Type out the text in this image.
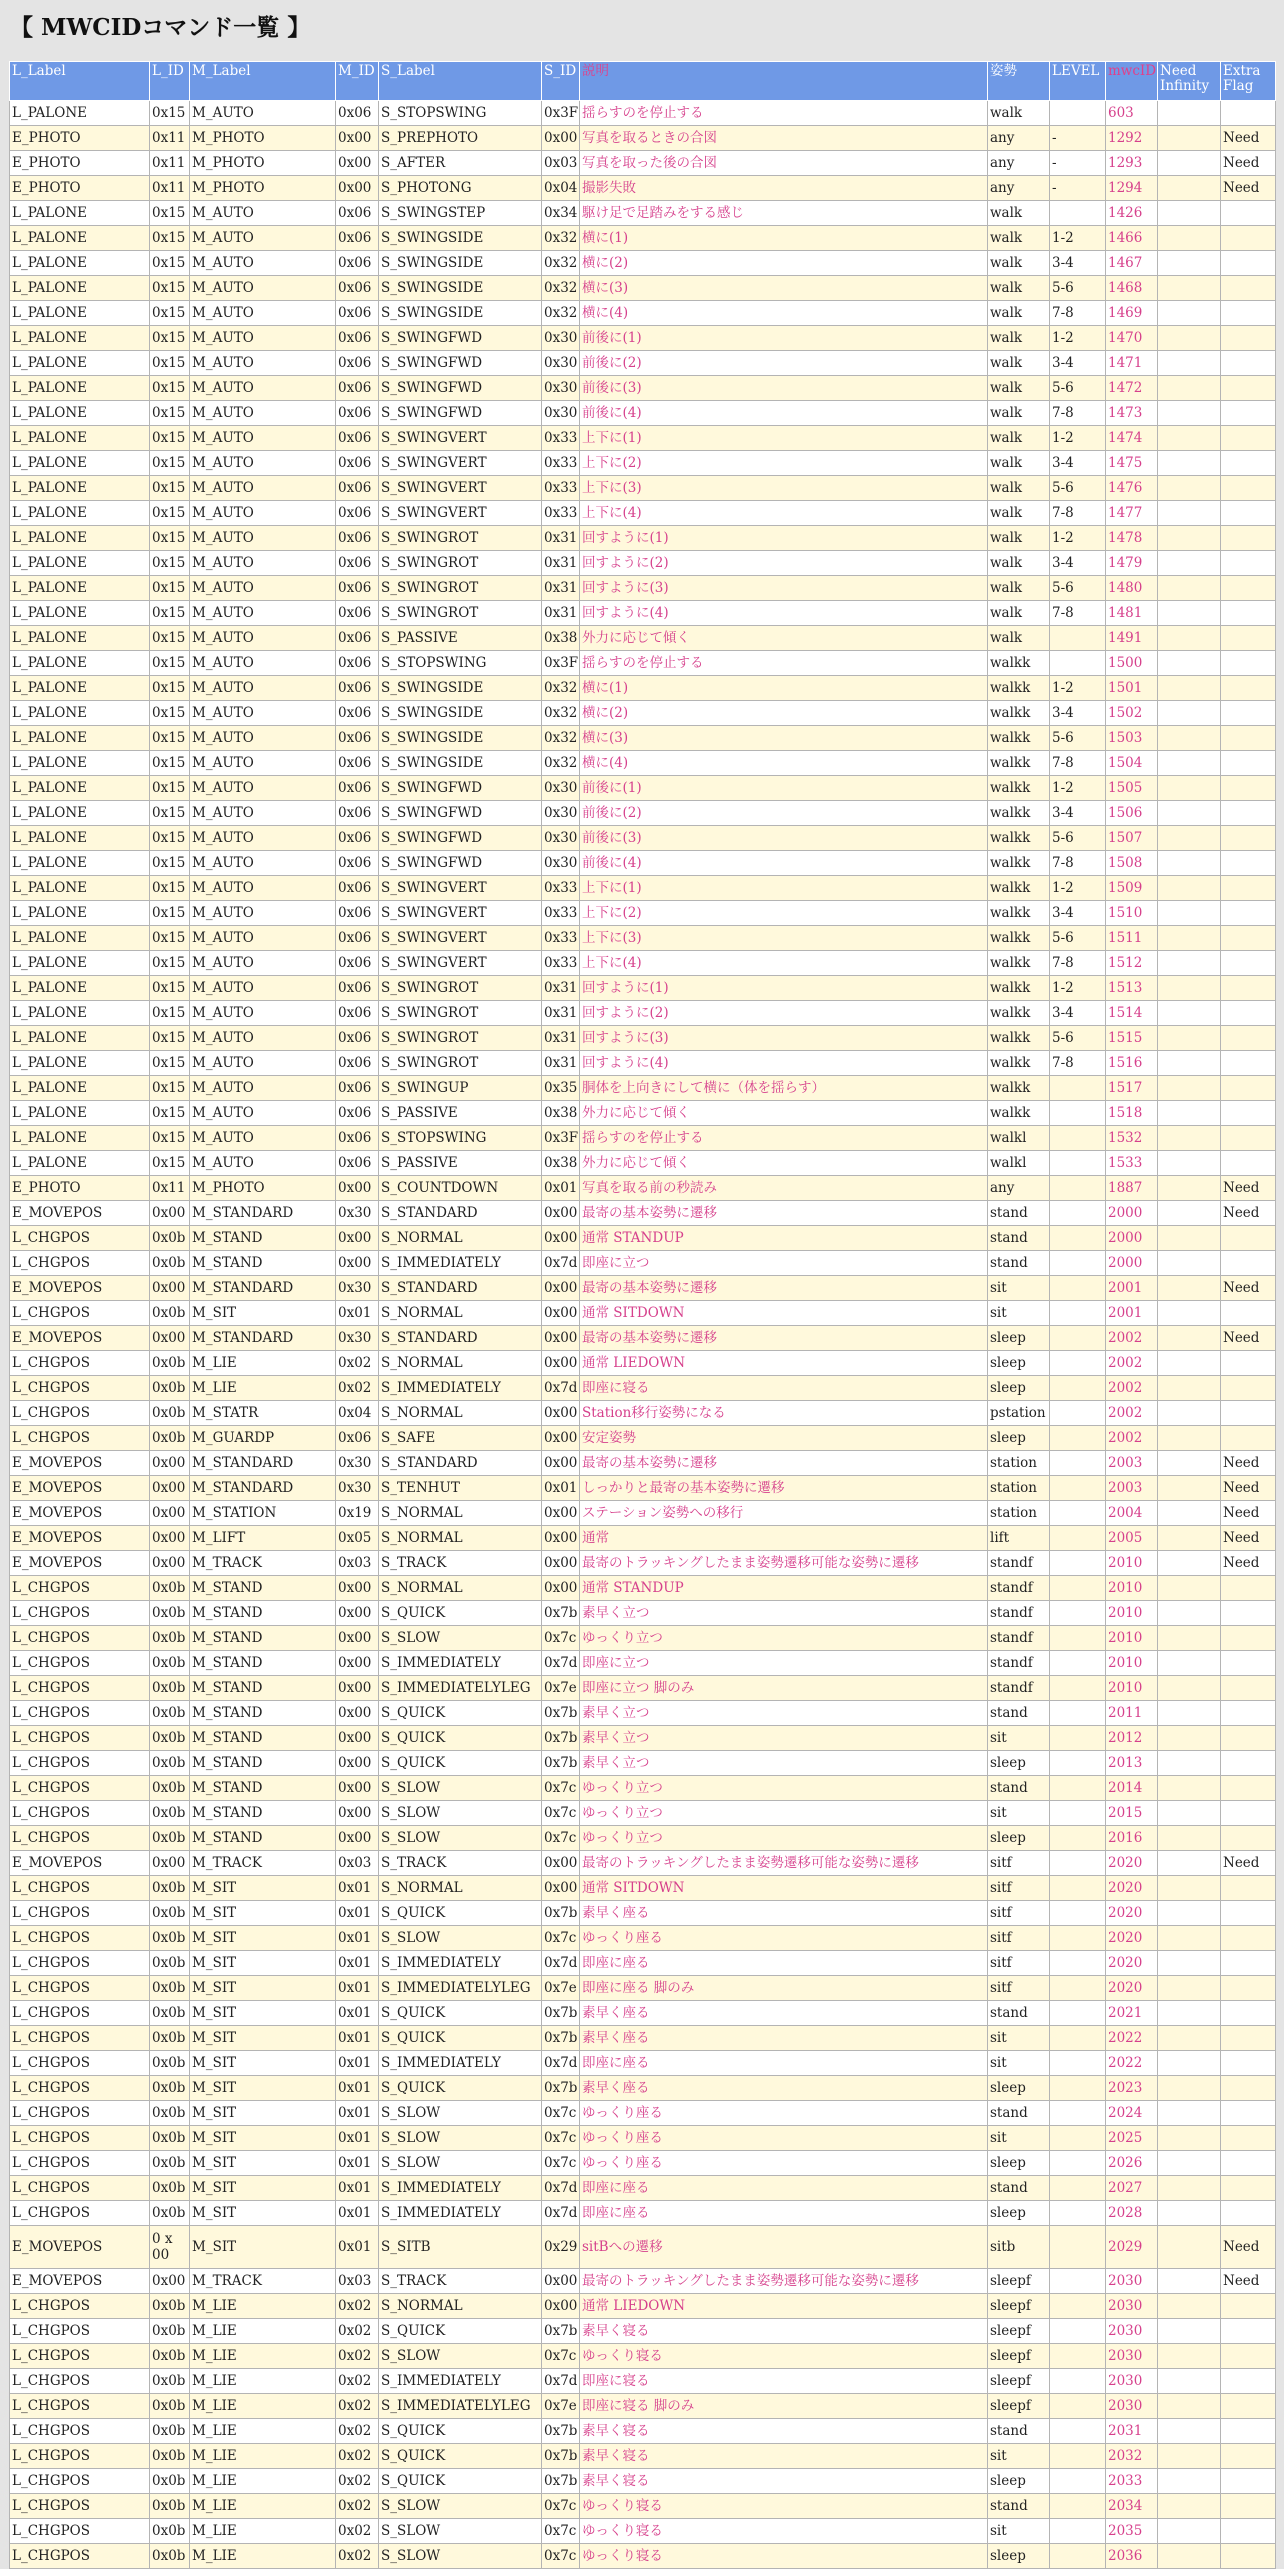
【 MWCIDコマンド一覧 】
L_Label	L_ID	M_Label	M_ID	S_Label	S_ID	説明	姿勢	LEVEL	mwcID	Need Infinity	Extra Flag
L_PALONE	0x15	M_AUTO	0x06	S_STOPSWING	0x3F	揺らすのを停止する	walk		603		
E_PHOTO	0x11	M_PHOTO	0x00	S_PREPHOTO	0x00	写真を取るときの合図	any	-	1292		Need
E_PHOTO	0x11	M_PHOTO	0x00	S_AFTER	0x03	写真を取った後の合図	any	-	1293		Need
E_PHOTO	0x11	M_PHOTO	0x00	S_PHOTONG	0x04	撮影失敗	any	-	1294		Need
L_PALONE	0x15	M_AUTO	0x06	S_SWINGSTEP	0x34	駆け足で足踏みをする感じ	walk		1426		
L_PALONE	0x15	M_AUTO	0x06	S_SWINGSIDE	0x32	横に(1)	walk	1-2	1466		
L_PALONE	0x15	M_AUTO	0x06	S_SWINGSIDE	0x32	横に(2)	walk	3-4	1467		
L_PALONE	0x15	M_AUTO	0x06	S_SWINGSIDE	0x32	横に(3)	walk	5-6	1468		
L_PALONE	0x15	M_AUTO	0x06	S_SWINGSIDE	0x32	横に(4)	walk	7-8	1469		
L_PALONE	0x15	M_AUTO	0x06	S_SWINGFWD	0x30	前後に(1)	walk	1-2	1470		
L_PALONE	0x15	M_AUTO	0x06	S_SWINGFWD	0x30	前後に(2)	walk	3-4	1471		
L_PALONE	0x15	M_AUTO	0x06	S_SWINGFWD	0x30	前後に(3)	walk	5-6	1472		
L_PALONE	0x15	M_AUTO	0x06	S_SWINGFWD	0x30	前後に(4)	walk	7-8	1473		
L_PALONE	0x15	M_AUTO	0x06	S_SWINGVERT	0x33	上下に(1)	walk	1-2	1474		
L_PALONE	0x15	M_AUTO	0x06	S_SWINGVERT	0x33	上下に(2)	walk	3-4	1475		
L_PALONE	0x15	M_AUTO	0x06	S_SWINGVERT	0x33	上下に(3)	walk	5-6	1476		
L_PALONE	0x15	M_AUTO	0x06	S_SWINGVERT	0x33	上下に(4)	walk	7-8	1477		
L_PALONE	0x15	M_AUTO	0x06	S_SWINGROT	0x31	回すように(1)	walk	1-2	1478		
L_PALONE	0x15	M_AUTO	0x06	S_SWINGROT	0x31	回すように(2)	walk	3-4	1479		
L_PALONE	0x15	M_AUTO	0x06	S_SWINGROT	0x31	回すように(3)	walk	5-6	1480		
L_PALONE	0x15	M_AUTO	0x06	S_SWINGROT	0x31	回すように(4)	walk	7-8	1481		
L_PALONE	0x15	M_AUTO	0x06	S_PASSIVE	0x38	外力に応じて傾く	walk		1491		
L_PALONE	0x15	M_AUTO	0x06	S_STOPSWING	0x3F	揺らすのを停止する	walkk		1500		
L_PALONE	0x15	M_AUTO	0x06	S_SWINGSIDE	0x32	横に(1)	walkk	1-2	1501		
L_PALONE	0x15	M_AUTO	0x06	S_SWINGSIDE	0x32	横に(2)	walkk	3-4	1502		
L_PALONE	0x15	M_AUTO	0x06	S_SWINGSIDE	0x32	横に(3)	walkk	5-6	1503		
L_PALONE	0x15	M_AUTO	0x06	S_SWINGSIDE	0x32	横に(4)	walkk	7-8	1504		
L_PALONE	0x15	M_AUTO	0x06	S_SWINGFWD	0x30	前後に(1)	walkk	1-2	1505		
L_PALONE	0x15	M_AUTO	0x06	S_SWINGFWD	0x30	前後に(2)	walkk	3-4	1506		
L_PALONE	0x15	M_AUTO	0x06	S_SWINGFWD	0x30	前後に(3)	walkk	5-6	1507		
L_PALONE	0x15	M_AUTO	0x06	S_SWINGFWD	0x30	前後に(4)	walkk	7-8	1508		
L_PALONE	0x15	M_AUTO	0x06	S_SWINGVERT	0x33	上下に(1)	walkk	1-2	1509		
L_PALONE	0x15	M_AUTO	0x06	S_SWINGVERT	0x33	上下に(2)	walkk	3-4	1510		
L_PALONE	0x15	M_AUTO	0x06	S_SWINGVERT	0x33	上下に(3)	walkk	5-6	1511		
L_PALONE	0x15	M_AUTO	0x06	S_SWINGVERT	0x33	上下に(4)	walkk	7-8	1512		
L_PALONE	0x15	M_AUTO	0x06	S_SWINGROT	0x31	回すように(1)	walkk	1-2	1513		
L_PALONE	0x15	M_AUTO	0x06	S_SWINGROT	0x31	回すように(2)	walkk	3-4	1514		
L_PALONE	0x15	M_AUTO	0x06	S_SWINGROT	0x31	回すように(3)	walkk	5-6	1515		
L_PALONE	0x15	M_AUTO	0x06	S_SWINGROT	0x31	回すように(4)	walkk	7-8	1516		
L_PALONE	0x15	M_AUTO	0x06	S_SWINGUP	0x35	胴体を上向きにして横に（体を揺らす）	walkk		1517		
L_PALONE	0x15	M_AUTO	0x06	S_PASSIVE	0x38	外力に応じて傾く	walkk		1518		
L_PALONE	0x15	M_AUTO	0x06	S_STOPSWING	0x3F	揺らすのを停止する	walkl		1532		
L_PALONE	0x15	M_AUTO	0x06	S_PASSIVE	0x38	外力に応じて傾く	walkl		1533		
E_PHOTO	0x11	M_PHOTO	0x00	S_COUNTDOWN	0x01	写真を取る前の秒読み	any		1887		Need
E_MOVEPOS	0x00	M_STANDARD	0x30	S_STANDARD	0x00	最寄の基本姿勢に遷移	stand		2000		Need
L_CHGPOS	0x0b	M_STAND	0x00	S_NORMAL	0x00	通常 STANDUP	stand		2000		
L_CHGPOS	0x0b	M_STAND	0x00	S_IMMEDIATELY	0x7d	即座に立つ	stand		2000		
E_MOVEPOS	0x00	M_STANDARD	0x30	S_STANDARD	0x00	最寄の基本姿勢に遷移	sit		2001		Need
L_CHGPOS	0x0b	M_SIT	0x01	S_NORMAL	0x00	通常 SITDOWN	sit		2001		
E_MOVEPOS	0x00	M_STANDARD	0x30	S_STANDARD	0x00	最寄の基本姿勢に遷移	sleep		2002		Need
L_CHGPOS	0x0b	M_LIE	0x02	S_NORMAL	0x00	通常 LIEDOWN	sleep		2002		
L_CHGPOS	0x0b	M_LIE	0x02	S_IMMEDIATELY	0x7d	即座に寝る	sleep		2002		
L_CHGPOS	0x0b	M_STATR	0x04	S_NORMAL	0x00	Station移行姿勢になる	pstation		2002		
L_CHGPOS	0x0b	M_GUARDP	0x06	S_SAFE	0x00	安定姿勢	sleep		2002		
E_MOVEPOS	0x00	M_STANDARD	0x30	S_STANDARD	0x00	最寄の基本姿勢に遷移	station		2003		Need
E_MOVEPOS	0x00	M_STANDARD	0x30	S_TENHUT	0x01	しっかりと最寄の基本姿勢に遷移	station		2003		Need
E_MOVEPOS	0x00	M_STATION	0x19	S_NORMAL	0x00	ステーション姿勢への移行	station		2004		Need
E_MOVEPOS	0x00	M_LIFT	0x05	S_NORMAL	0x00	通常	lift		2005		Need
E_MOVEPOS	0x00	M_TRACK	0x03	S_TRACK	0x00	最寄のトラッキングしたまま姿勢遷移可能な姿勢に遷移	standf		2010		Need
L_CHGPOS	0x0b	M_STAND	0x00	S_NORMAL	0x00	通常 STANDUP	standf		2010		
L_CHGPOS	0x0b	M_STAND	0x00	S_QUICK	0x7b	素早く立つ	standf		2010		
L_CHGPOS	0x0b	M_STAND	0x00	S_SLOW	0x7c	ゆっくり立つ	standf		2010		
L_CHGPOS	0x0b	M_STAND	0x00	S_IMMEDIATELY	0x7d	即座に立つ	standf		2010		
L_CHGPOS	0x0b	M_STAND	0x00	S_IMMEDIATELYLEG	0x7e	即座に立つ 脚のみ	standf		2010		
L_CHGPOS	0x0b	M_STAND	0x00	S_QUICK	0x7b	素早く立つ	stand		2011		
L_CHGPOS	0x0b	M_STAND	0x00	S_QUICK	0x7b	素早く立つ	sit		2012		
L_CHGPOS	0x0b	M_STAND	0x00	S_QUICK	0x7b	素早く立つ	sleep		2013		
L_CHGPOS	0x0b	M_STAND	0x00	S_SLOW	0x7c	ゆっくり立つ	stand		2014		
L_CHGPOS	0x0b	M_STAND	0x00	S_SLOW	0x7c	ゆっくり立つ	sit		2015		
L_CHGPOS	0x0b	M_STAND	0x00	S_SLOW	0x7c	ゆっくり立つ	sleep		2016		
E_MOVEPOS	0x00	M_TRACK	0x03	S_TRACK	0x00	最寄のトラッキングしたまま姿勢遷移可能な姿勢に遷移	sitf		2020		Need
L_CHGPOS	0x0b	M_SIT	0x01	S_NORMAL	0x00	通常 SITDOWN	sitf		2020		
L_CHGPOS	0x0b	M_SIT	0x01	S_QUICK	0x7b	素早く座る	sitf		2020		
L_CHGPOS	0x0b	M_SIT	0x01	S_SLOW	0x7c	ゆっくり座る	sitf		2020		
L_CHGPOS	0x0b	M_SIT	0x01	S_IMMEDIATELY	0x7d	即座に座る	sitf		2020		
L_CHGPOS	0x0b	M_SIT	0x01	S_IMMEDIATELYLEG	0x7e	即座に座る 脚のみ	sitf		2020		
L_CHGPOS	0x0b	M_SIT	0x01	S_QUICK	0x7b	素早く座る	stand		2021		
L_CHGPOS	0x0b	M_SIT	0x01	S_QUICK	0x7b	素早く座る	sit		2022		
L_CHGPOS	0x0b	M_SIT	0x01	S_IMMEDIATELY	0x7d	即座に座る	sit		2022		
L_CHGPOS	0x0b	M_SIT	0x01	S_QUICK	0x7b	素早く座る	sleep		2023		
L_CHGPOS	0x0b	M_SIT	0x01	S_SLOW	0x7c	ゆっくり座る	stand		2024		
L_CHGPOS	0x0b	M_SIT	0x01	S_SLOW	0x7c	ゆっくり座る	sit		2025		
L_CHGPOS	0x0b	M_SIT	0x01	S_SLOW	0x7c	ゆっくり座る	sleep		2026		
L_CHGPOS	0x0b	M_SIT	0x01	S_IMMEDIATELY	0x7d	即座に座る	stand		2027		
L_CHGPOS	0x0b	M_SIT	0x01	S_IMMEDIATELY	0x7d	即座に座る	sleep		2028		
E_MOVEPOS	0 x 00	M_SIT	0x01	S_SITB	0x29	sitBへの遷移	sitb		2029		Need
E_MOVEPOS	0x00	M_TRACK	0x03	S_TRACK	0x00	最寄のトラッキングしたまま姿勢遷移可能な姿勢に遷移	sleepf		2030		Need
L_CHGPOS	0x0b	M_LIE	0x02	S_NORMAL	0x00	通常 LIEDOWN	sleepf		2030		
L_CHGPOS	0x0b	M_LIE	0x02	S_QUICK	0x7b	素早く寝る	sleepf		2030		
L_CHGPOS	0x0b	M_LIE	0x02	S_SLOW	0x7c	ゆっくり寝る	sleepf		2030		
L_CHGPOS	0x0b	M_LIE	0x02	S_IMMEDIATELY	0x7d	即座に寝る	sleepf		2030		
L_CHGPOS	0x0b	M_LIE	0x02	S_IMMEDIATELYLEG	0x7e	即座に寝る 脚のみ	sleepf		2030		
L_CHGPOS	0x0b	M_LIE	0x02	S_QUICK	0x7b	素早く寝る	stand		2031		
L_CHGPOS	0x0b	M_LIE	0x02	S_QUICK	0x7b	素早く寝る	sit		2032		
L_CHGPOS	0x0b	M_LIE	0x02	S_QUICK	0x7b	素早く寝る	sleep		2033		
L_CHGPOS	0x0b	M_LIE	0x02	S_SLOW	0x7c	ゆっくり寝る	stand		2034		
L_CHGPOS	0x0b	M_LIE	0x02	S_SLOW	0x7c	ゆっくり寝る	sit		2035		
L_CHGPOS	0x0b	M_LIE	0x02	S_SLOW	0x7c	ゆっくり寝る	sleep		2036		
